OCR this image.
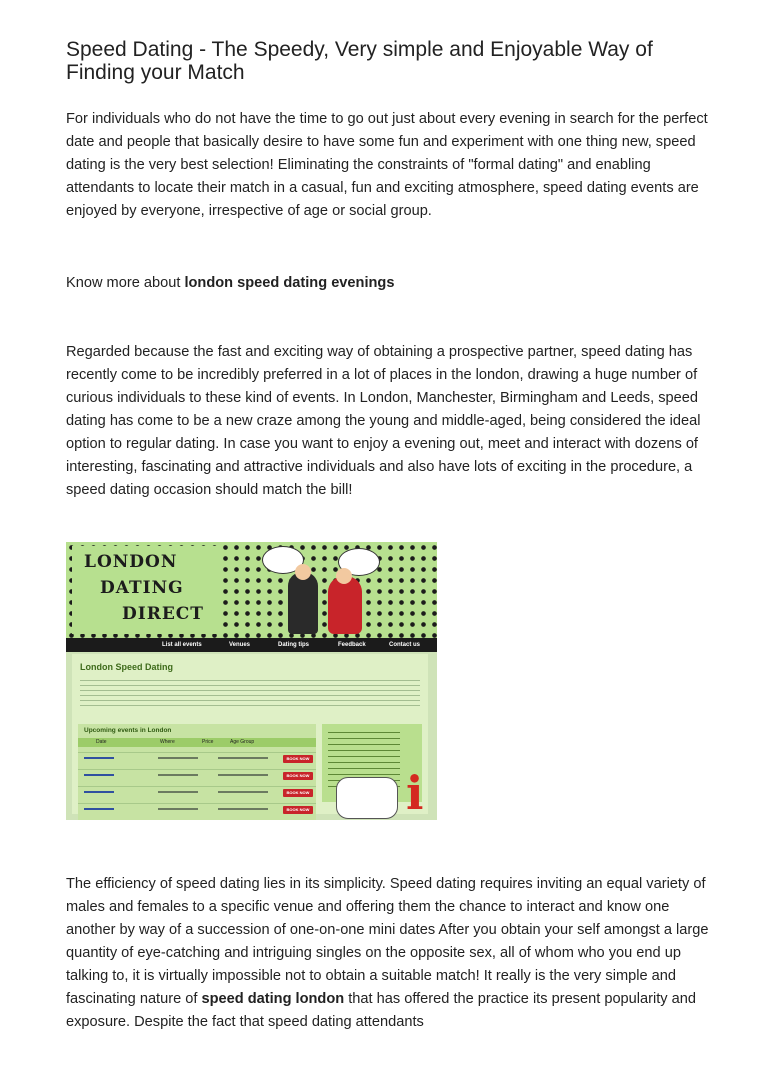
Speed Dating - The Speedy, Very simple and Enjoyable Way of Finding your Match

For individuals who do not have the time to go out just about every evening in search for the perfect date and people that basically desire to have some fun and experiment with one thing new, speed dating is the very best selection! Eliminating the constraints of "formal dating" and enabling attendants to locate their match in a casual, fun and exciting atmosphere, speed dating events are enjoyed by everyone, irrespective of age or social group.

Know more about london speed dating evenings

Regarded because the fast and exciting way of obtaining a prospective partner, speed dating has recently come to be incredibly preferred in a lot of places in the london, drawing a huge number of curious individuals to these kind of events. In London, Manchester, Birmingham and Leeds, speed dating has come to be a new craze among the young and middle-aged, being considered the ideal option to regular dating. In case you want to enjoy a evening out, meet and interact with dozens of interesting, fascinating and attractive individuals and also have lots of exciting in the procedure, a speed dating occasion should match the bill!

LONDON
DATING
DIRECT
List all events	Venues	Dating tips	Feedback	Contact us
London Speed Dating
Upcoming events in London
Date	Where	Price	Age Group
BOOK NOW
BOOK NOW
BOOK NOW
BOOK NOW i

The efficiency of speed dating lies in its simplicity. Speed dating requires inviting an equal variety of males and females to a specific venue and offering them the chance to interact and know one another by way of a succession of one-on-one mini dates After you obtain your self amongst a large quantity of eye-catching and intriguing singles on the opposite sex, all of whom who you end up talking to, it is virtually impossible not to obtain a suitable match! It really is the very simple and fascinating nature of speed dating london that has offered the practice its present popularity and exposure. Despite the fact that speed dating attendants
